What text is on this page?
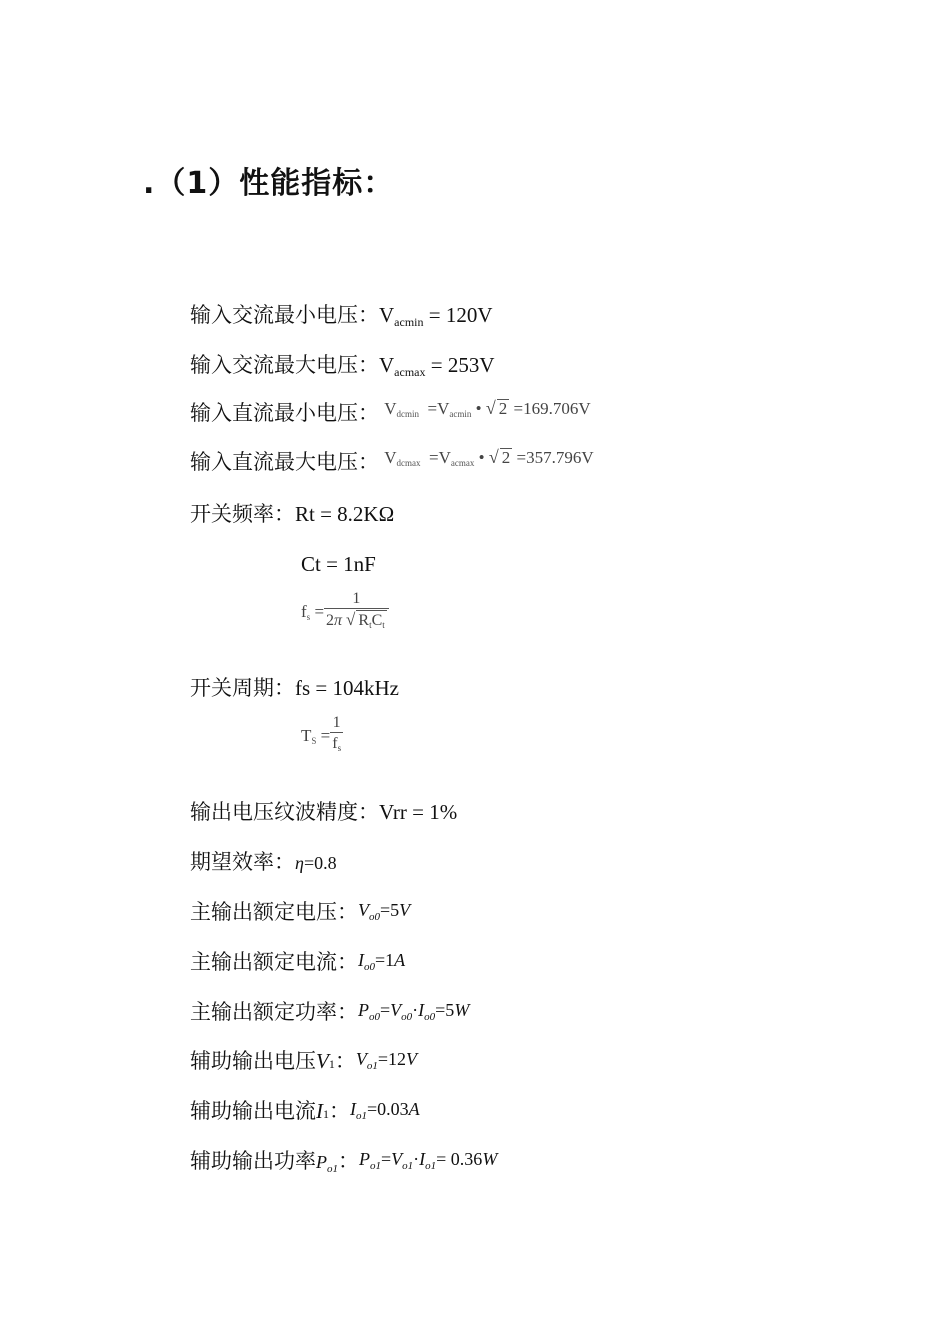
.（1）性能指标：
输入交流最小电压：$V_{acmin} = 120V$
输入交流最大电压：$V_{acmax} = 253V$
输入直流最小电压： $^{V_{dcmin} =V_{acmin} • √ 2 =169.706V}$
输入直流最大电压： $^{V_{dcmax} =V_{acmax} • √ 2 =357.796V}$
开关频率：Rt = 8.2KΩ
Ct = 1nF
$f_s = \frac{1}{\text{2π √ RtCt}}$
开关周期：fs = 104kHz
$T_S = \frac{1}{fs}$
输出电压纹波精度：Vrr = 1%
期望效率：η=0.8
主输出额定电压：$V_{o0}=5V$
主输出额定电流：$I_{o0}=1A$
主输出额定功率：$P_{o0}=V_{o0}\cdot I_{o0}=5W$
辅助输出电压V1：$V_{o1}=12V$
辅助输出电流I1：$I_{o1}=0.03A$
辅助输出功率$P_{o1}$：$P_{o1}=V_{o1}\cdot I_{o1}= 0.36W$
